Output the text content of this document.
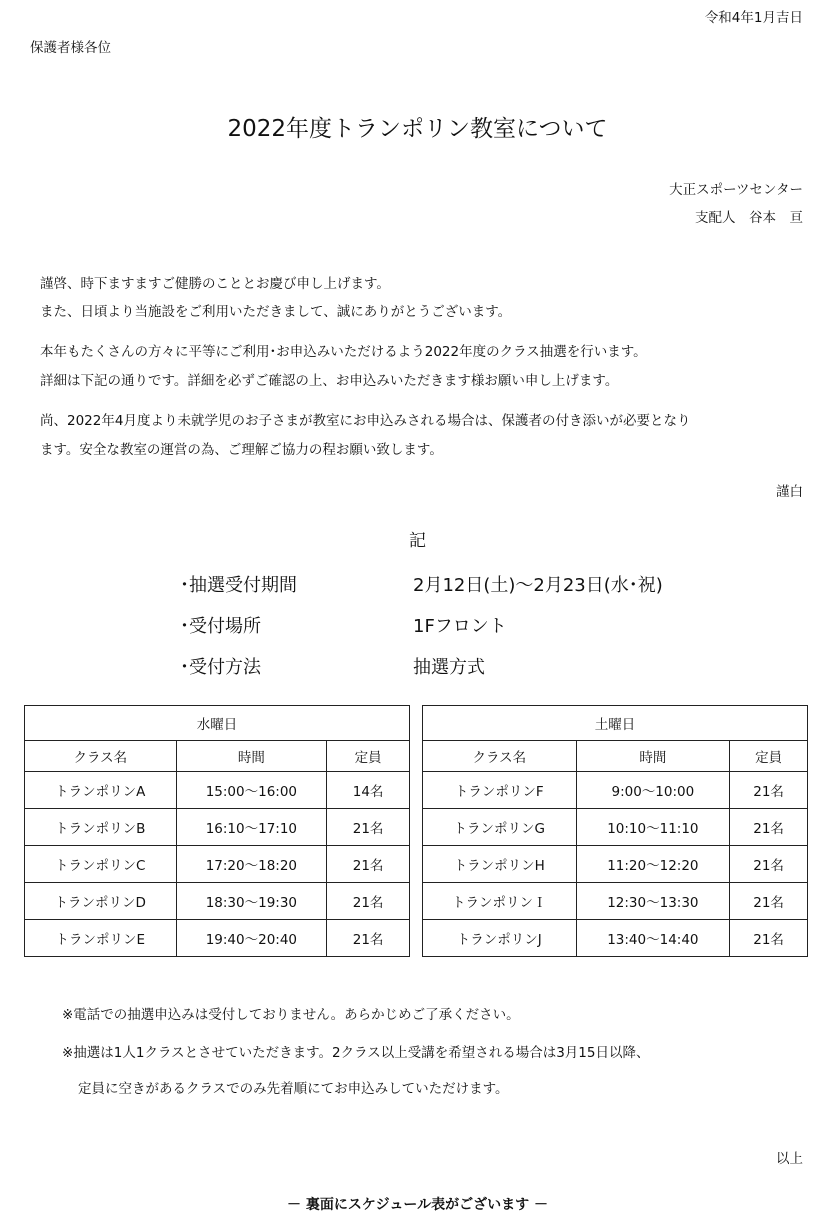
令和4年1月吉日
保護者様各位
2022年度トランポリン教室について
大正スポーツセンター
支配人　谷本　亘
謹啓、時下ますますご健勝のこととお慶び申し上げます。
また、日頃より当施設をご利用いただきまして、誠にありがとうございます。
本年もたくさんの方々に平等にご利用･お申込みいただけるよう2022年度のクラス抽選を行います。
詳細は下記の通りです。詳細を必ずご確認の上、お申込みいただきます様お願い申し上げます。
尚、2022年4月度より未就学児のお子さまが教室にお申込みされる場合は、保護者の付き添いが必要となり
ます。安全な教室の運営の為、ご理解ご協力の程お願い致します。
謹白
記
･抽選受付期間	2月12日(土)～2月23日(水･祝)
･受付場所	1Fフロント
･受付方法	抽選方式
水曜日		
クラス名	時間	定員
トランポリンA	15:00～16:00	14名
トランポリンB	16:10～17:10	21名
トランポリンC	17:20～18:20	21名
トランポリンD	18:30～19:30	21名
トランポリンE	19:40～20:40	21名
土曜日		
クラス名	時間	定員
トランポリンF	9:00～10:00	21名
トランポリンG	10:10～11:10	21名
トランポリンH	11:20～12:20	21名
トランポリンＩ	12:30～13:30	21名
トランポリンJ	13:40～14:40	21名
※電話での抽選申込みは受付しておりません。あらかじめご了承ください。
※抽選は1人1クラスとさせていただきます。2クラス以上受講を希望される場合は3月15日以降、
定員に空きがあるクラスでのみ先着順にてお申込みしていただけます。
以上
－ 裏面にスケジュール表がございます －
